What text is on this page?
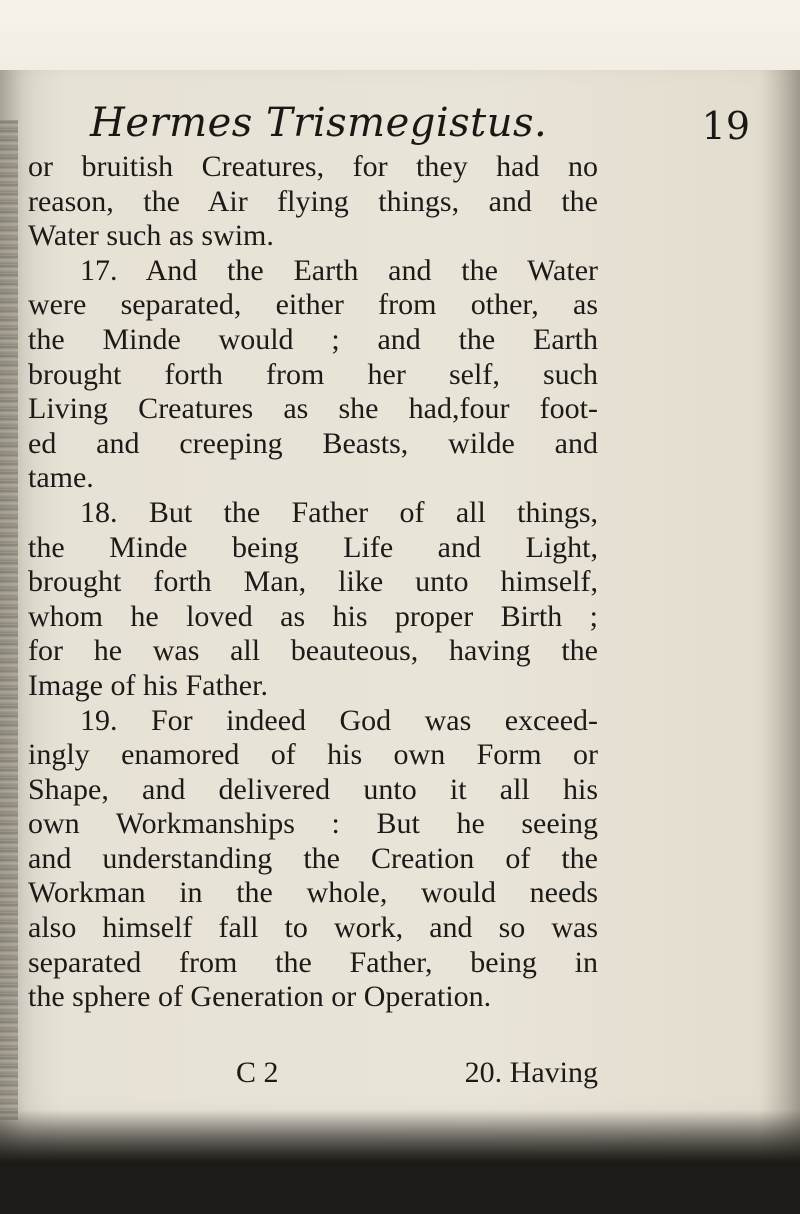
Hermes Trismegistus.	19
or bruitish Creatures, for they had no
reason, the Air flying things, and the
Water such as swim.
17. And the Earth and the Water
were separated, either from other, as
the Minde would ; and the Earth
brought forth from her self, such
Living Creatures as she had,four foot-
ed and creeping Beasts, wilde and
tame.
18. But the Father of all things,
the Minde being Life and Light,
brought forth Man, like unto himself,
whom he loved as his proper Birth ;
for he was all beauteous, having the
Image of his Father.
19. For indeed God was exceed-
ingly enamored of his own Form or
Shape, and delivered unto it all his
own Workmanships : But he seeing
and understanding the Creation of the
Workman in the whole, would needs
also himself fall to work, and so was
separated from the Father, being in
the sphere of Generation or Operation.
C 2	20. Having
